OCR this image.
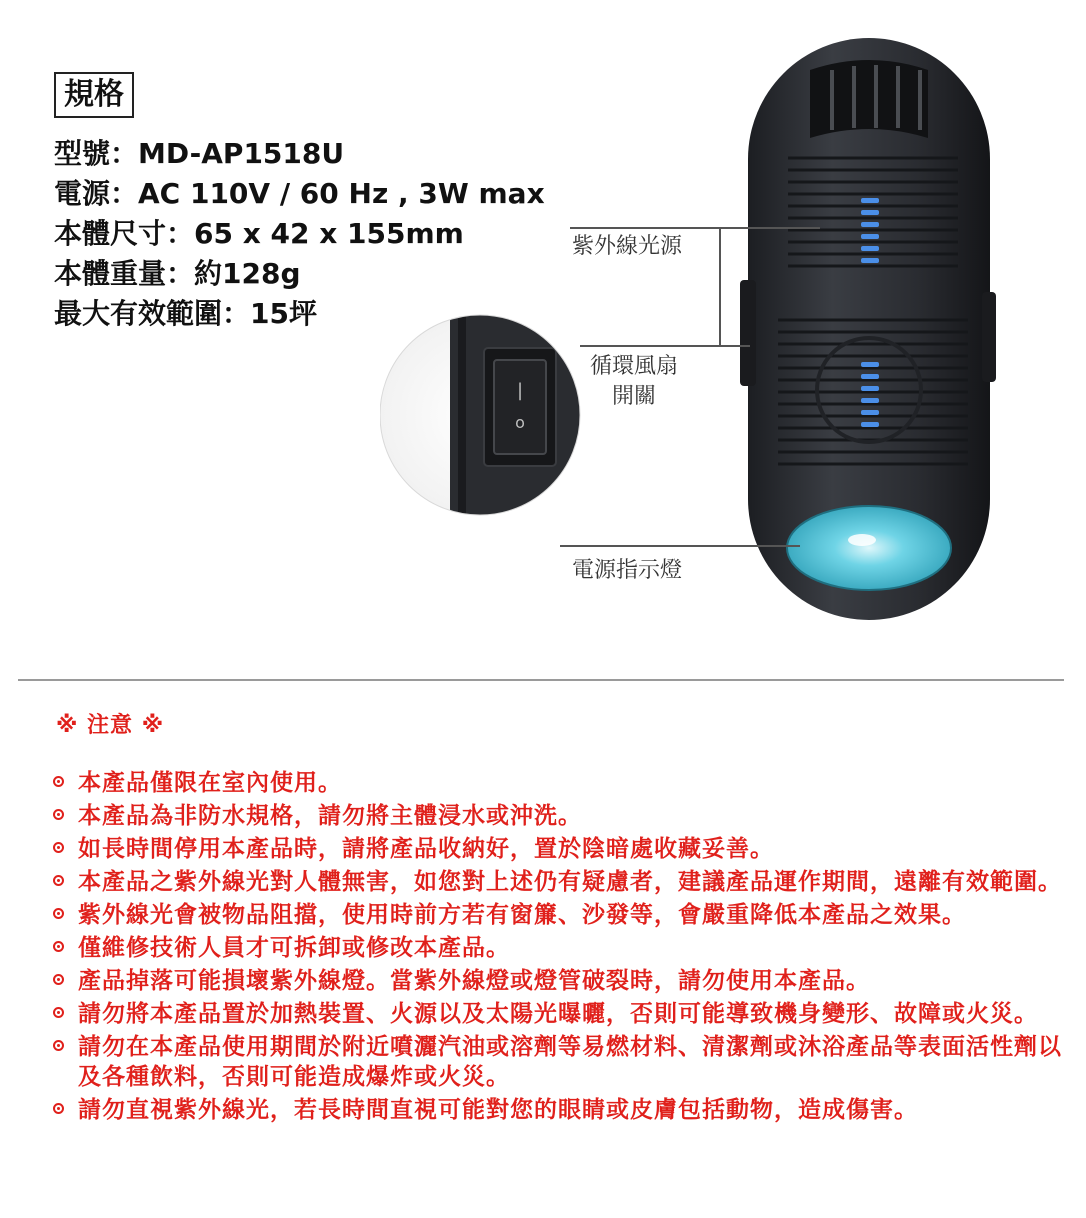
規格
型號：MD-AP1518U
電源：AC 110V / 60 Hz , 3W max
本體尺寸：65 x 42 x 155mm
本體重量：約128g
最大有效範圍：15坪
|
o
紫外線光源
循環風扇
開關
電源指示燈
※ 注意 ※
本產品僅限在室內使用。
本產品為非防水規格，請勿將主體浸水或沖洗。
如長時間停用本產品時，請將產品收納好，置於陰暗處收藏妥善。
本產品之紫外線光對人體無害，如您對上述仍有疑慮者，建議產品運作期間，遠離有效範圍。
紫外線光會被物品阻擋，使用時前方若有窗簾、沙發等，會嚴重降低本產品之效果。
僅維修技術人員才可拆卸或修改本產品。
產品掉落可能損壞紫外線燈。當紫外線燈或燈管破裂時，請勿使用本產品。
請勿將本產品置於加熱裝置、火源以及太陽光曝曬，否則可能導致機身變形、故障或火災。
請勿在本產品使用期間於附近噴灑汽油或溶劑等易燃材料、清潔劑或沐浴產品等表面活性劑以及各種飲料，否則可能造成爆炸或火災。
請勿直視紫外線光，若長時間直視可能對您的眼睛或皮膚包括動物，造成傷害。
